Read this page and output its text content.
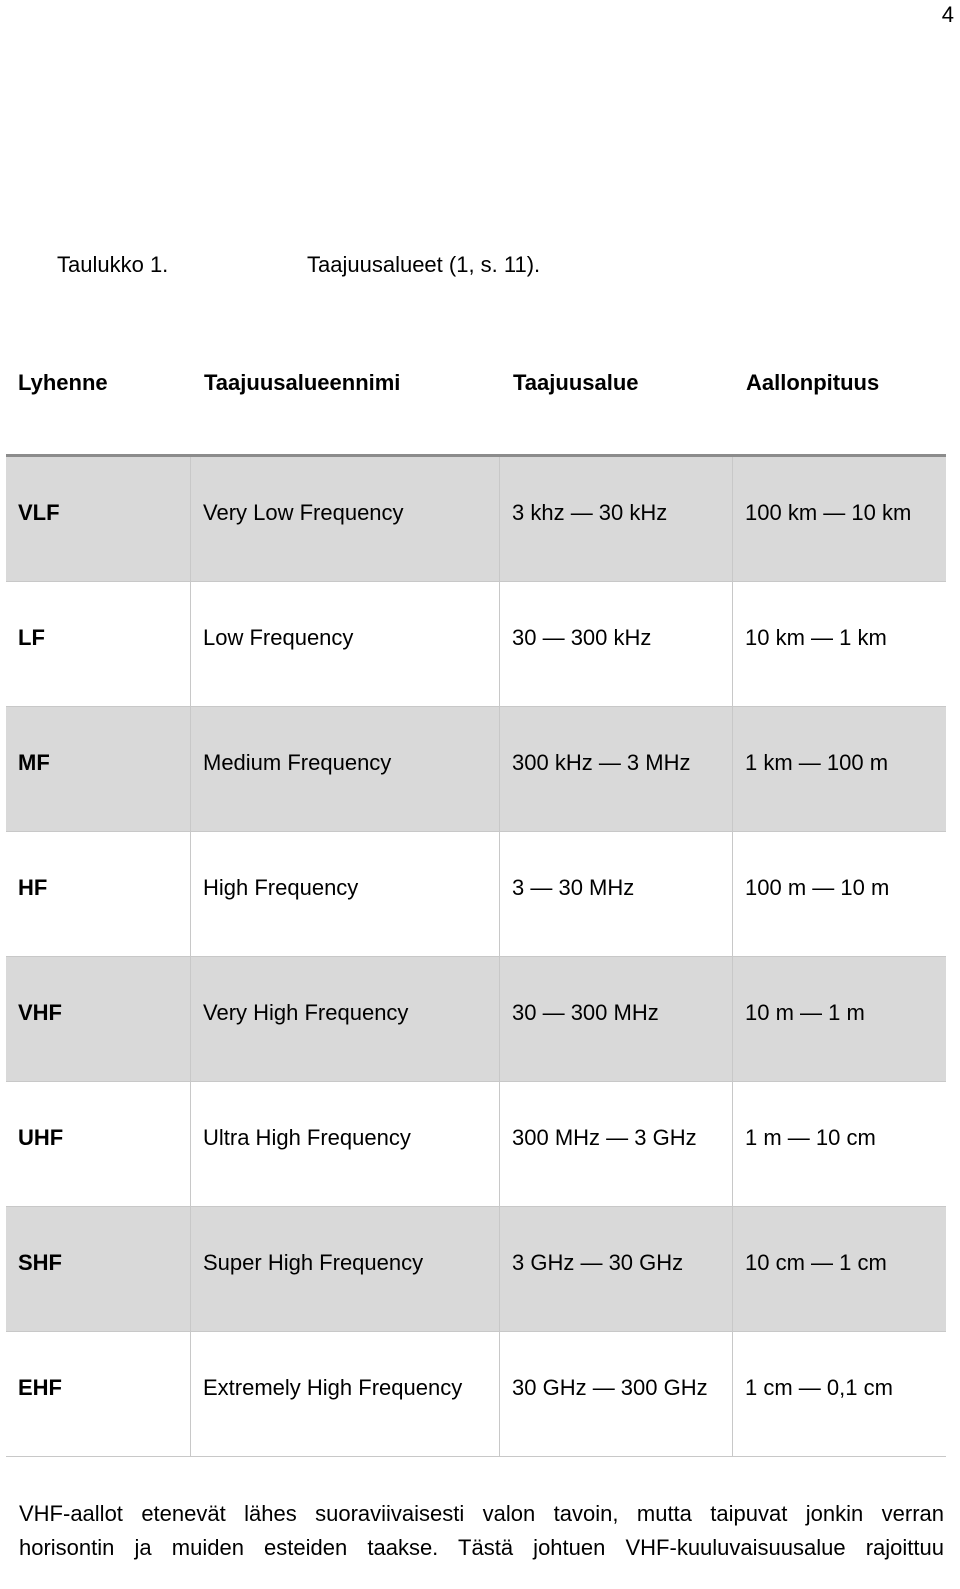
4
Taulukko 1.	Taajuusalueet (1, s. 11).
Lyhenne	Taajuusalueennimi	Taajuusalue	Aallonpituus
VLF	Very Low Frequency	3 khz — 30 kHz	100 km — 10 km
LF	Low Frequency	30 — 300 kHz	10 km — 1 km
MF	Medium Frequency	300 kHz — 3 MHz	1 km — 100 m
HF	High Frequency	3 — 30 MHz	100 m — 10 m
VHF	Very High Frequency	30 — 300 MHz	10 m — 1 m
UHF	Ultra High Frequency	300 MHz — 3 GHz	1 m — 10 cm
SHF	Super High Frequency	3 GHz — 30 GHz	10 cm — 1 cm
EHF	Extremely High Frequency	30 GHz — 300 GHz	1 cm — 0,1 cm
VHF-aallot etenevät lähes suoraviivaisesti valon tavoin, mutta taipuvat jonkin verran
horisontin ja muiden esteiden taakse. Tästä johtuen VHF-kuuluvaisuusalue rajoittuu
